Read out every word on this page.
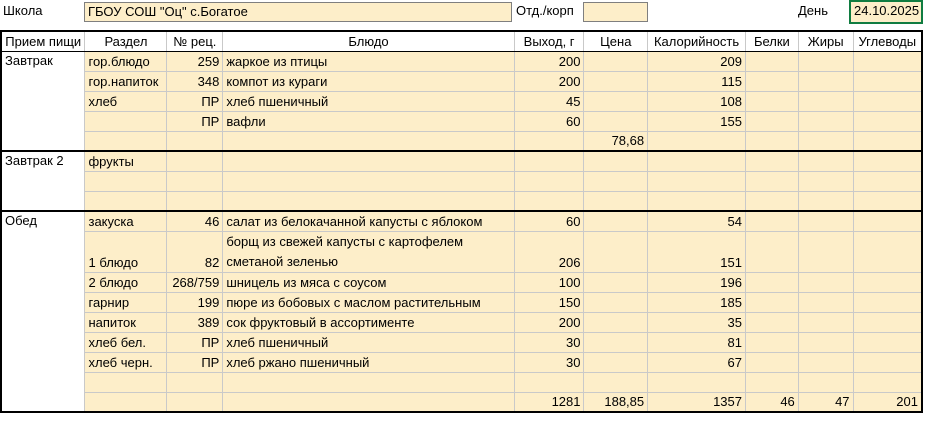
Школа	ГБОУ СОШ "Оц" с.Богатое	Отд./корп	День	24.10.2025
Прием пищи	Раздел	№ рец.	Блюдо	Выход, г	Цена	Калорийность	Белки	Жиры	Углеводы
Завтрак	гор.блюдо	259	жаркое из птицы	200		209			
	гор.напиток	348	компот из кураги	200		115			
	хлеб	ПР	хлеб пшеничный	45		108			
		ПР	вафли	60		155			
					78,68				
Завтрак 2	фрукты								

Обед	закуска	46	салат из белокачанной капусты с яблоком	60		54			
	1 блюдо	82	борщ из свежей капусты с картофелем сметаной зеленью	206		151			
	2 блюдо	268/759	шницель из мяса с соусом	100		196			
	гарнир	199	пюре из бобовых с маслом растительным	150		185			
	напиток	389	сок фруктовый в ассортименте	200		35			
	хлеб бел.	ПР	хлеб пшеничный	30		81			
	хлеб черн.	ПР	хлеб ржано пшеничный	30		67			

				1281	188,85	1357	46	47	201
